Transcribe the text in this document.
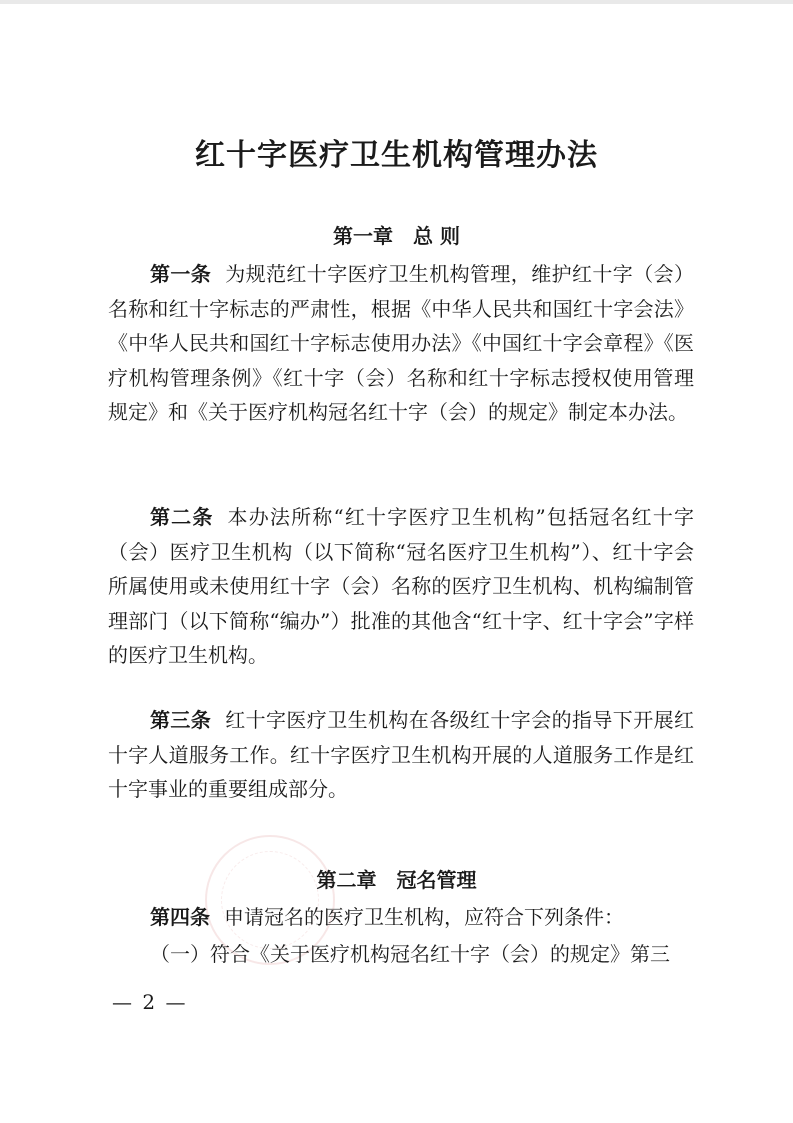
红十字医疗卫生机构管理办法
第一章 总 则
第一条 为规范红十字医疗卫生机构管理，维护红十字（会）名称和红十字标志的严肃性，根据《中华人民共和国红十字会法》《中华人民共和国红十字标志使用办法》《中国红十字会章程》《医疗机构管理条例》《红十字（会）名称和红十字标志授权使用管理规定》和《关于医疗机构冠名红十字（会）的规定》制定本办法。
第二条 本办法所称“红十字医疗卫生机构”包括冠名红十字（会）医疗卫生机构（以下简称“冠名医疗卫生机构”）、红十字会所属使用或未使用红十字（会）名称的医疗卫生机构、机构编制管理部门（以下简称“编办”）批准的其他含“红十字、红十字会”字样的医疗卫生机构。
第三条 红十字医疗卫生机构在各级红十字会的指导下开展红十字人道服务工作。红十字医疗卫生机构开展的人道服务工作是红十字事业的重要组成部分。
第二章 冠名管理
第四条 申请冠名的医疗卫生机构，应符合下列条件：
（一）符合《关于医疗机构冠名红十字（会）的规定》第三
— 2 —
